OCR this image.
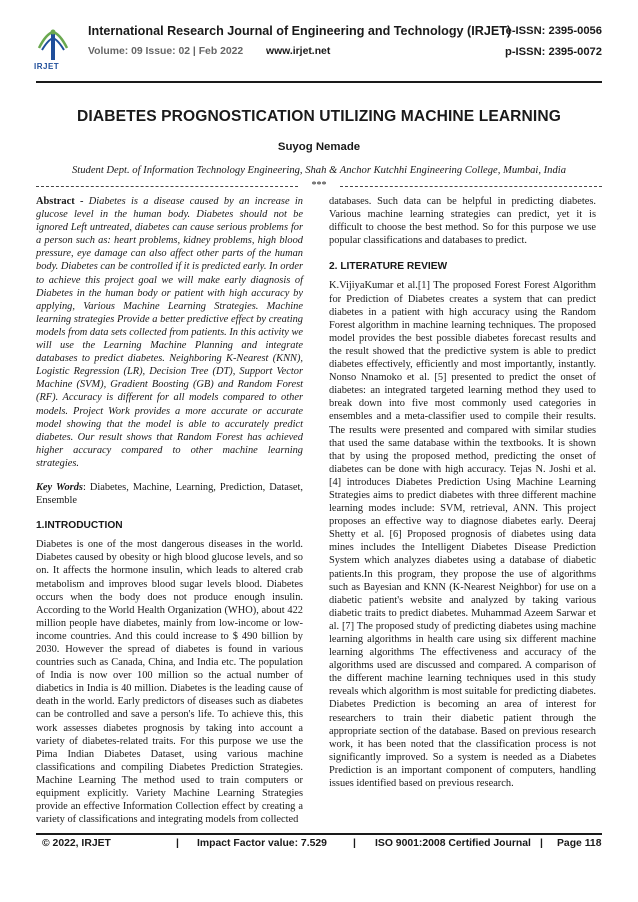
IRJET
International Research Journal of Engineering and Technology (IRJET)
e-ISSN: 2395-0056
Volume: 09 Issue: 02 | Feb 2022 www.irjet.net	p-ISSN: 2395-0072
DIABETES PROGNOSTICATION UTILIZING MACHINE LEARNING
Suyog Nemade
Student Dept. of Information Technology Engineering, Shah & Anchor Kutchhi Engineering College, Mumbai, India
***

Abstract - Diabetes is a disease caused by an increase in glucose level in the human body. Diabetes should not be ignored Left untreated, diabetes can cause serious problems for a person such as: heart problems, kidney problems, high blood pressure, eye damage can also affect other parts of the human body. Diabetes can be controlled if it is predicted early. In order to achieve this project goal we will make early diagnosis of Diabetes in the human body or patient with high accuracy by applying, Various Machine Learning Strategies. Machine learning strategies Provide a better predictive effect by creating models from data sets collected from patients. In this activity we will use the Learning Machine Planning and integrate databases to predict diabetes. Neighboring K-Nearest (KNN), Logistic Regression (LR), Decision Tree (DT), Support Vector Machine (SVM), Gradient Boosting (GB) and Random Forest (RF). Accuracy is different for all models compared to other models. Project Work provides a more accurate or accurate model showing that the model is able to accurately predict diabetes. Our result shows that Random Forest has achieved higher accuracy compared to other machine learning strategies.

Key Words: Diabetes, Machine, Learning, Prediction, Dataset, Ensemble

1.INTRODUCTION

Diabetes is one of the most dangerous diseases in the world. Diabetes caused by obesity or high blood glucose levels, and so on. It affects the hormone insulin, which leads to altered crab metabolism and improves blood sugar levels blood. Diabetes occurs when the body does not produce enough insulin. According to the World Health Organization (WHO), about 422 million people have diabetes, mainly from low-income or low-income countries. And this could increase to $ 490 billion by 2030. However the spread of diabetes is found in various countries such as Canada, China, and India etc. The population of India is now over 100 million so the actual number of diabetics in India is 40 million. Diabetes is the leading cause of death in the world. Early predictors of diseases such as diabetes can be controlled and save a person's life. To achieve this, this work assesses diabetes prognosis by taking into account a variety of diabetes-related traits. For this purpose we use the Pima Indian Diabetes Dataset, using various machine classifications and compiling Diabetes Prediction Strategies. Machine Learning The method used to train computers or equipment explicitly. Variety Machine Learning Strategies provide an effective Information Collection effect by creating a variety of classifications and integrating models from collected

databases. Such data can be helpful in predicting diabetes. Various machine learning strategies can predict, yet it is difficult to choose the best method. So for this purpose we use popular classifications and databases to predict.

2. LITERATURE REVIEW

K.VijiyaKumar et al.[1] The proposed Forest Forest Algorithm for Prediction of Diabetes creates a system that can predict diabetes in a patient with high accuracy using the Random Forest algorithm in machine learning techniques. The proposed model provides the best possible diabetes forecast results and the result showed that the predictive system is able to predict diabetes effectively, efficiently and most importantly, instantly. Nonso Nnamoko et al. [5] presented to predict the onset of diabetes: an integrated targeted learning method they used to break down into five most commonly used categories in ensembles and a meta-classifier used to compile their results. The results were presented and compared with similar studies that used the same database within the textbooks. It is shown that by using the proposed method, predicting the onset of diabetes can be done with high accuracy. Tejas N. Joshi et al. [4] introduces Diabetes Prediction Using Machine Learning Strategies aims to predict diabetes with three different machine learning modes include: SVM, retrieval, ANN. This project proposes an effective way to diagnose diabetes early. Deeraj Shetty et al. [6] Proposed prognosis of diabetes using data mines includes the Intelligent Diabetes Disease Prediction System which analyzes diabetes using a database of diabetic patients.In this program, they propose the use of algorithms such as Bayesian and KNN (K-Nearest Neighbor) for use on a diabetic patient's website and analyzed by taking various diabetic traits to predict diabetes. Muhammad Azeem Sarwar et al. [7] The proposed study of predicting diabetes using machine learning algorithms in health care using six different machine learning algorithms The effectiveness and accuracy of the algorithms used are discussed and compared. A comparison of the different machine learning techniques used in this study reveals which algorithm is most suitable for predicting diabetes. Diabetes Prediction is becoming an area of interest for researchers to train their diabetic patient through the appropriate section of the database. Based on previous research work, it has been noted that the classification process is not significantly improved. So a system is needed as a Diabetes Prediction is an important component of computers, handling issues identified based on previous research.

© 2022, IRJET	| Impact Factor value: 7.529	| ISO 9001:2008 Certified Journal | Page 118
